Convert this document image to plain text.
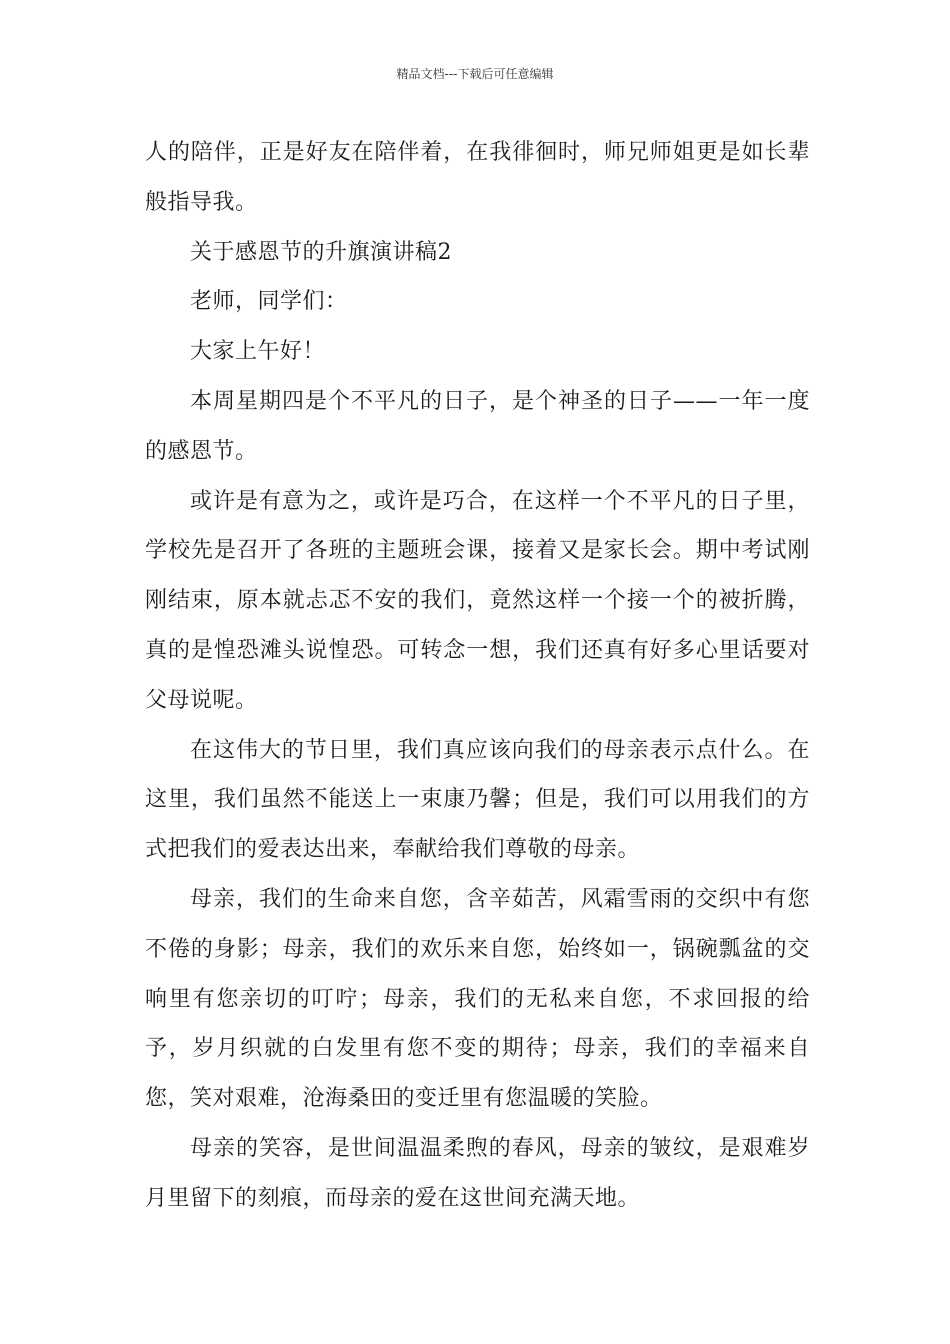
精品文档---下载后可任意编辑

人的陪伴，正是好友在陪伴着，在我徘徊时，师兄师姐更是如长辈般指导我。

关于感恩节的升旗演讲稿2

老师，同学们：

大家上午好！

本周星期四是个不平凡的日子，是个神圣的日子——一年一度的感恩节。

或许是有意为之，或许是巧合，在这样一个不平凡的日子里，学校先是召开了各班的主题班会课，接着又是家长会。期中考试刚刚结束，原本就忐忑不安的我们，竟然这样一个接一个的被折腾，真的是惶恐滩头说惶恐。可转念一想，我们还真有好多心里话要对父母说呢。

在这伟大的节日里，我们真应该向我们的母亲表示点什么。在这里，我们虽然不能送上一束康乃馨；但是，我们可以用我们的方式把我们的爱表达出来，奉献给我们尊敬的母亲。

母亲，我们的生命来自您，含辛茹苦，风霜雪雨的交织中有您不倦的身影；母亲，我们的欢乐来自您，始终如一，锅碗瓢盆的交响里有您亲切的叮咛；母亲，我们的无私来自您，不求回报的给予，岁月织就的白发里有您不变的期待；母亲，我们的幸福来自您，笑对艰难，沧海桑田的变迁里有您温暖的笑脸。

母亲的笑容，是世间温温柔煦的春风，母亲的皱纹，是艰难岁月里留下的刻痕，而母亲的爱在这世间充满天地。
